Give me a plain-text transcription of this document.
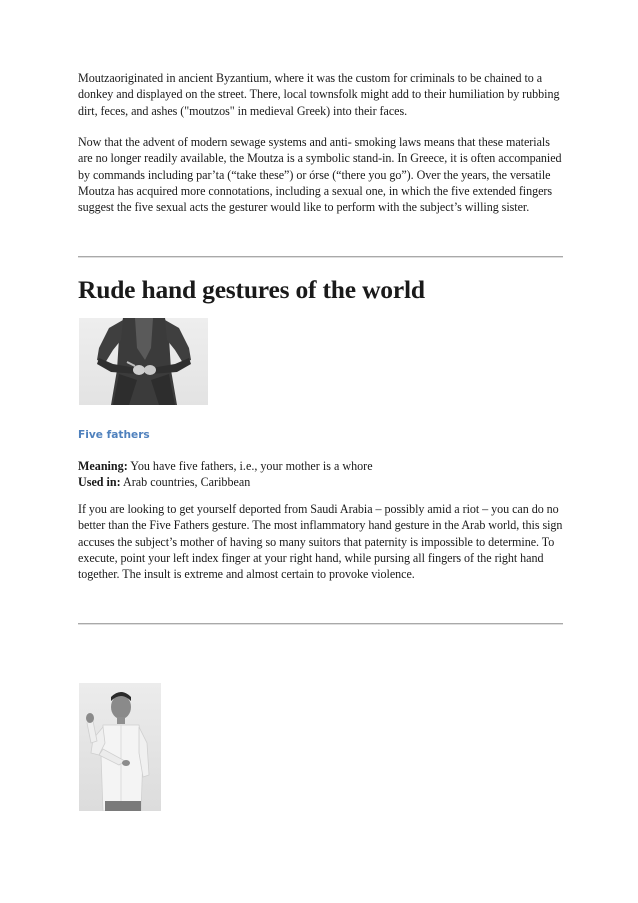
Moutzaoriginated in ancient Byzantium, where it was the custom for criminals to be chained to a donkey and displayed on the street. There, local townsfolk might add to their humiliation by rubbing dirt, feces, and ashes ("moutzos" in medieval Greek) into their faces.

Now that the advent of modern sewage systems and anti- smoking laws means that these materials are no longer readily available, the Moutza is a symbolic stand-in. In Greece, it is often accompanied by commands including par’ta (“take these”) or órse (“there you go”). Over the years, the versatile Moutza has acquired more connotations, including a sexual one, in which the five extended fingers suggest the five sexual acts the gesturer would like to perform with the subject’s willing sister.

Rude hand gestures of the world
Five fathers

Meaning: You have five fathers, i.e., your mother is a whore

Used in: Arab countries, Caribbean

If you are looking to get yourself deported from Saudi Arabia – possibly amid a riot – you can do no better than the Five Fathers gesture. The most inflammatory hand gesture in the Arab world, this sign accuses the subject’s mother of having so many suitors that paternity is impossible to determine. To execute, point your left index finger at your right hand, while pursing all fingers of the right hand together. The insult is extreme and almost certain to provoke violence.
